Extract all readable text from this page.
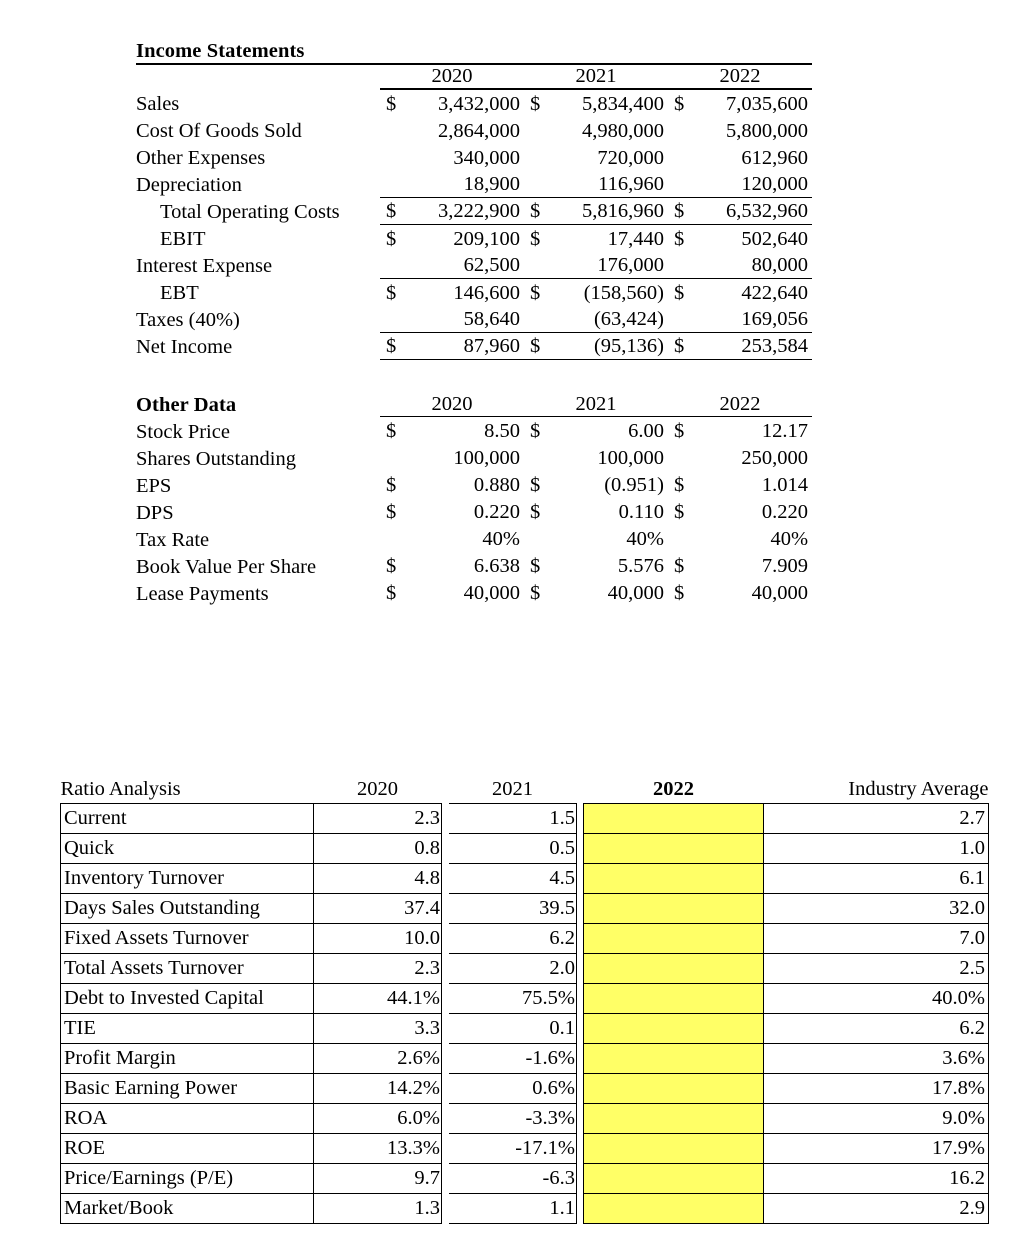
Income Statements			
	2020	2021	2022
Sales	$ 3,432,000	$ 5,834,400	$ 7,035,600

Cost Of Goods Sold	2,864,000	4,980,000	5,800,000

Other Expenses	340,000	720,000	612,960

Depreciation	18,900	116,960	120,000

Total Operating Costs	$ 3,222,900	$ 5,816,960	$ 6,532,960

EBIT	$ 209,100	$ 17,440	$ 502,640

Interest Expense	62,500	176,000	80,000

EBT	$ 146,600	$ (158,560)	$ 422,640

Taxes (40%)	58,640	(63,424)	169,056

Net Income	$ 87,960	$ (95,136)	$ 253,584

Other Data	2020	2021	2022
Stock Price	$ 8.50	$ 6.00	$ 12.17

Shares Outstanding	100,000	100,000	250,000

EPS	$ 0.880	$ (0.951)	$ 1.014

DPS	$ 0.220	$ 0.110	$ 0.220

Tax Rate	40%	40%	40%

Book Value Per Share	$ 6.638	$ 5.576	$ 7.909

Lease Payments	$ 40,000	$ 40,000	$ 40,000
Ratio Analysis	2020		2021		2022	Industry Average
Current	2.3		1.5			2.7
Quick	0.8		0.5			1.0
Inventory Turnover	4.8		4.5			6.1
Days Sales Outstanding	37.4		39.5			32.0
Fixed Assets Turnover	10.0		6.2			7.0
Total Assets Turnover	2.3		2.0			2.5
Debt to Invested Capital	44.1%		75.5%			40.0%
TIE	3.3		0.1			6.2
Profit Margin	2.6%		-1.6%			3.6%
Basic Earning Power	14.2%		0.6%			17.8%
ROA	6.0%		-3.3%			9.0%
ROE	13.3%		-17.1%			17.9%
Price/Earnings (P/E)	9.7		-6.3			16.2
Market/Book	1.3		1.1			2.9
